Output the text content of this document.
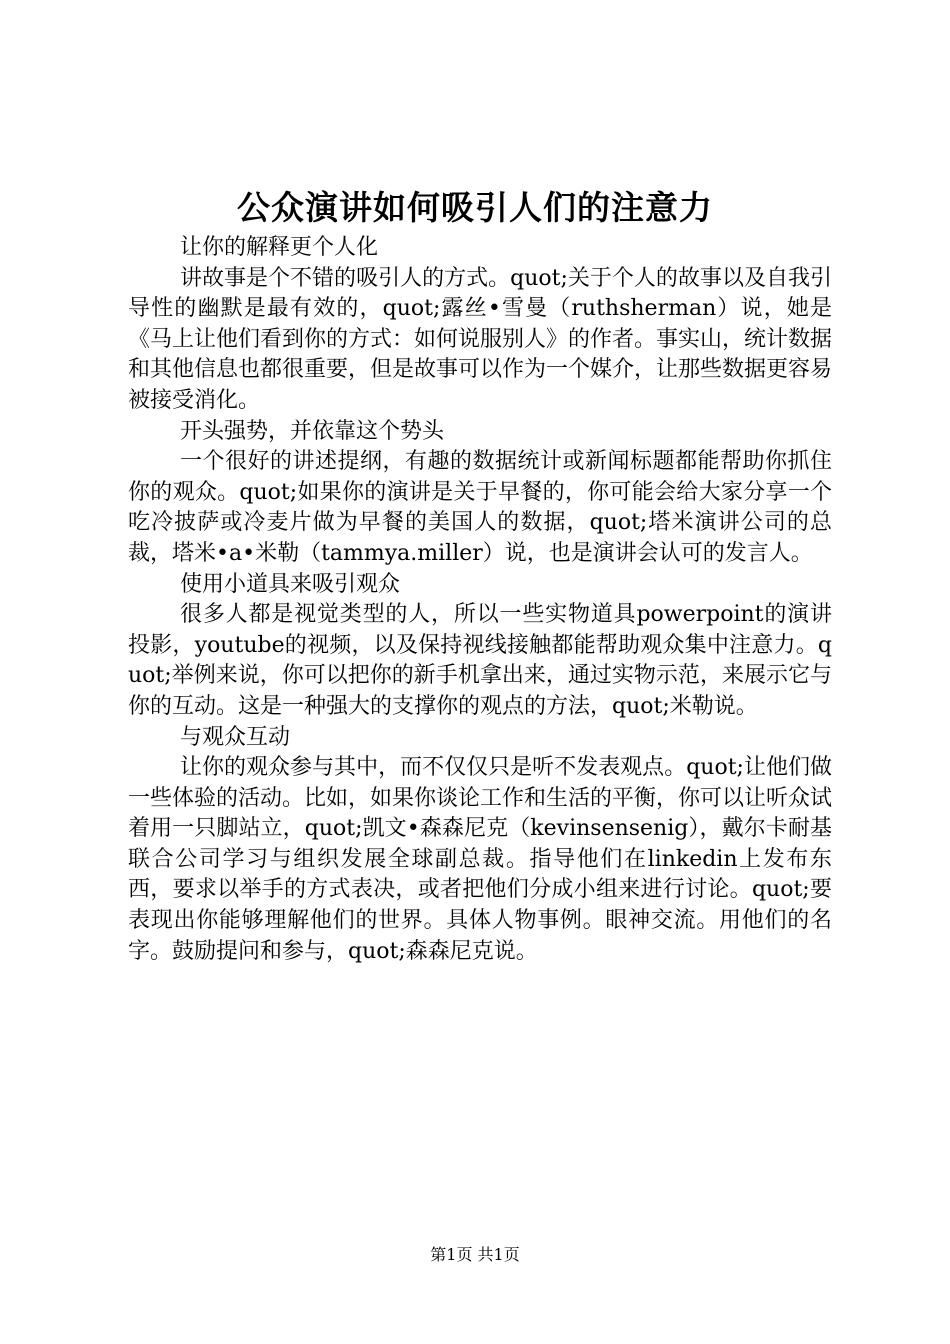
公众演讲如何吸引人们的注意力

让你的解释更个人化

讲故事是个不错的吸引人的方式。quot;关于个人的故事以及自我引导性的幽默是最有效的，quot;露丝•雪曼（ruthsherman）说，她是《马上让他们看到你的方式：如何说服别人》的作者。事实山，统计数据和其他信息也都很重要，但是故事可以作为一个媒介，让那些数据更容易被接受消化。

开头强势，并依靠这个势头

一个很好的讲述提纲，有趣的数据统计或新闻标题都能帮助你抓住你的观众。quot;如果你的演讲是关于早餐的，你可能会给大家分享一个吃冷披萨或冷麦片做为早餐的美国人的数据，quot;塔米演讲公司的总裁，塔米•a•米勒（tammya.miller）说，也是演讲会认可的发言人。

使用小道具来吸引观众

很多人都是视觉类型的人，所以一些实物道具powerpoint的演讲投影，youtube的视频，以及保持视线接触都能帮助观众集中注意力。quot;举例来说，你可以把你的新手机拿出来，通过实物示范，来展示它与你的互动。这是一种强大的支撑你的观点的方法，quot;米勒说。

与观众互动

让你的观众参与其中，而不仅仅只是听不发表观点。quot;让他们做一些体验的活动。比如，如果你谈论工作和生活的平衡，你可以让听众试着用一只脚站立，quot;凯文•森森尼克（kevinsensenig），戴尔卡耐基联合公司学习与组织发展全球副总裁。指导他们在linkedin上发布东西，要求以举手的方式表决，或者把他们分成小组来进行讨论。quot;要表现出你能够理解他们的世界。具体人物事例。眼神交流。用他们的名字。鼓励提问和参与，quot;森森尼克说。

第1页 共1页
